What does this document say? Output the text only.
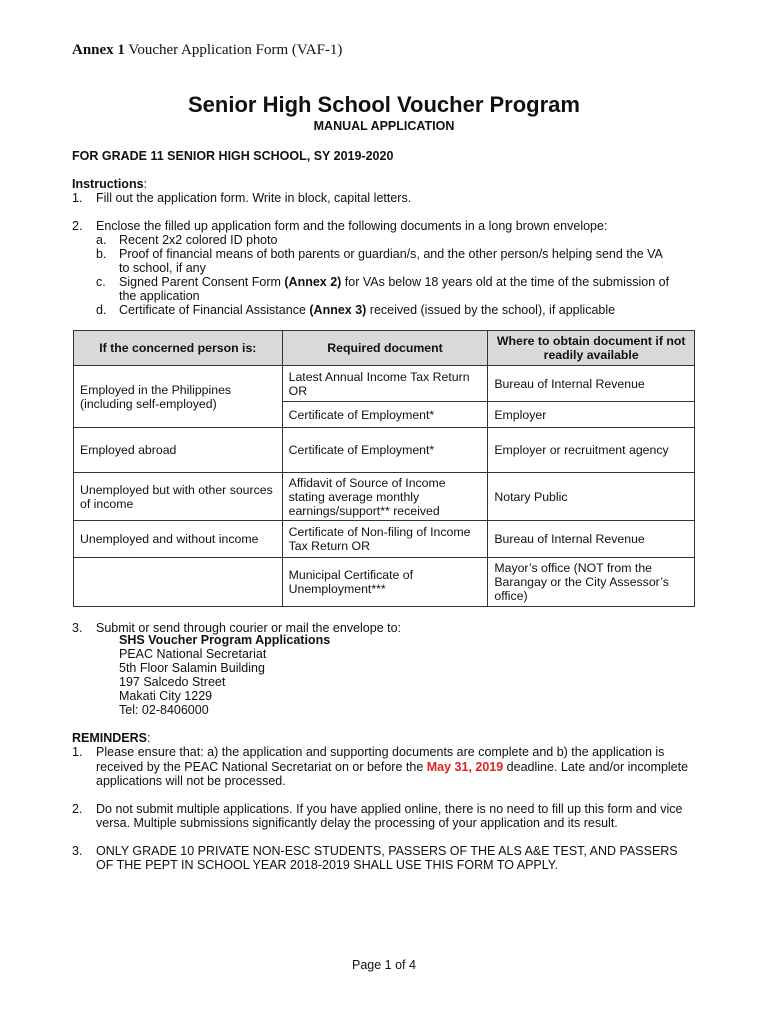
Annex 1 Voucher Application Form (VAF-1)
Senior High School Voucher Program
MANUAL APPLICATION
FOR GRADE 11 SENIOR HIGH SCHOOL, SY 2019-2020
Instructions:
1. Fill out the application form. Write in block, capital letters.
2. Enclose the filled up application form and the following documents in a long brown envelope:
a. Recent 2x2 colored ID photo
b. Proof of financial means of both parents or guardian/s, and the other person/s helping send the VA
to school, if any
c. Signed Parent Consent Form (Annex 2) for VAs below 18 years old at the time of the submission of
the application
d. Certificate of Financial Assistance (Annex 3) received (issued by the school), if applicable
If the concerned person is:	Required document	Where to obtain document if not readily available
Employed in the Philippines (including self-employed)	Latest Annual Income Tax Return OR	Bureau of Internal Revenue
	Certificate of Employment*	Employer
Employed abroad	Certificate of Employment*	Employer or recruitment agency
Unemployed but with other sources of income	Affidavit of Source of Income stating average monthly earnings/support** received	Notary Public
Unemployed and without income	Certificate of Non-filing of Income Tax Return OR	Bureau of Internal Revenue
	Municipal Certificate of Unemployment***	Mayor’s office (NOT from the Barangay or the City Assessor’s office)
3. Submit or send through courier or mail the envelope to:
SHS Voucher Program Applications
PEAC National Secretariat
5th Floor Salamin Building
197 Salcedo Street
Makati City 1229
Tel: 02-8406000
REMINDERS:
1. Please ensure that: a) the application and supporting documents are complete and b) the application is
received by the PEAC National Secretariat on or before the May 31, 2019 deadline. Late and/or incomplete
applications will not be processed.
2. Do not submit multiple applications. If you have applied online, there is no need to fill up this form and vice
versa. Multiple submissions significantly delay the processing of your application and its result.
3. ONLY GRADE 10 PRIVATE NON-ESC STUDENTS, PASSERS OF THE ALS A&E TEST, AND PASSERS
OF THE PEPT IN SCHOOL YEAR 2018-2019 SHALL USE THIS FORM TO APPLY.
Page 1 of 4
